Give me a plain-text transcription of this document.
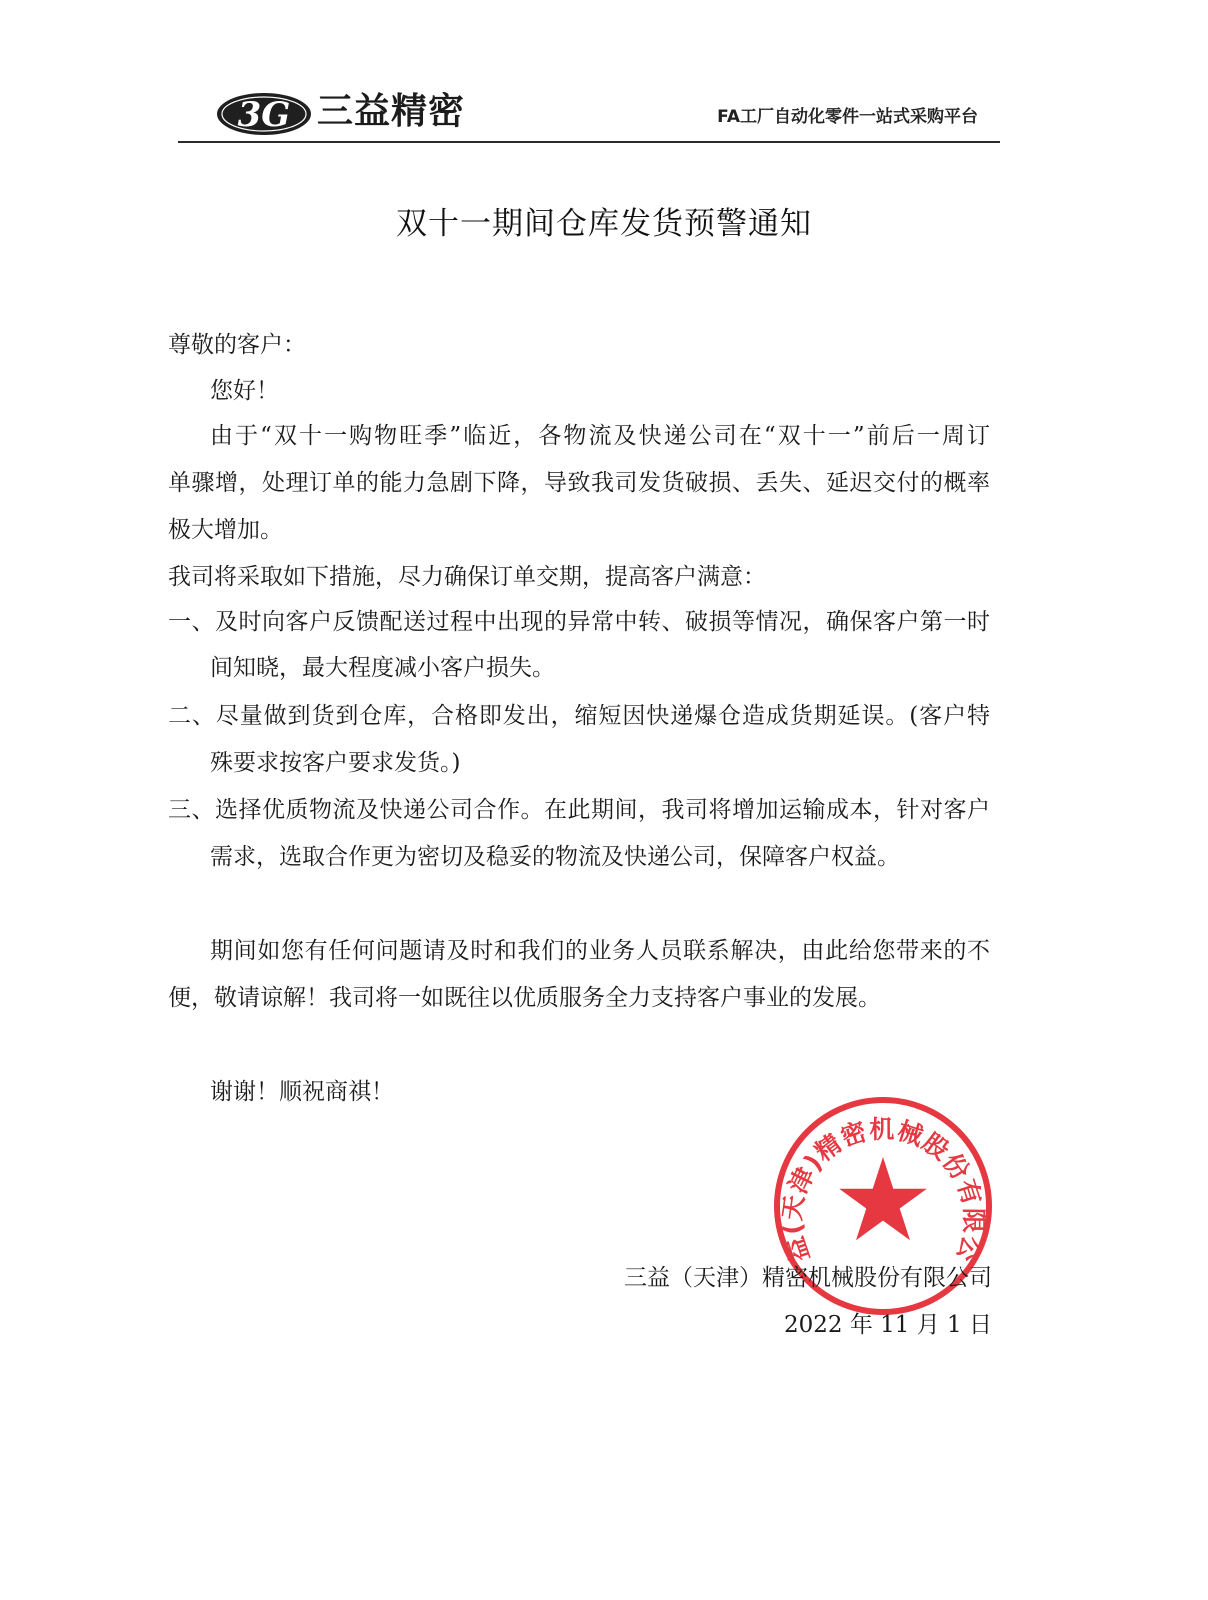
3G 三益精密	FA工厂自动化零件一站式采购平台
双十一期间仓库发货预警通知
尊敬的客户：
您好！
由于“双十一购物旺季”临近，各物流及快递公司在“双十一”前后一周订
单骤增，处理订单的能力急剧下降，导致我司发货破损、丢失、延迟交付的概率
极大增加。
我司将采取如下措施，尽力确保订单交期，提高客户满意：
一、及时向客户反馈配送过程中出现的异常中转、破损等情况，确保客户第一时
间知晓，最大程度减小客户损失。
二、尽量做到货到仓库，合格即发出，缩短因快递爆仓造成货期延误。(客户特
殊要求按客户要求发货。)
三、选择优质物流及快递公司合作。在此期间，我司将增加运输成本，针对客户
需求，选取合作更为密切及稳妥的物流及快递公司，保障客户权益。
期间如您有任何问题请及时和我们的业务人员联系解决，由此给您带来的不
便，敬请谅解！我司将一如既往以优质服务全力支持客户事业的发展。
谢谢！顺祝商祺！
益(天津)精密机械股份有限公
三益（天津）精密机械股份有限公司
2022 年 11 月 1 日
